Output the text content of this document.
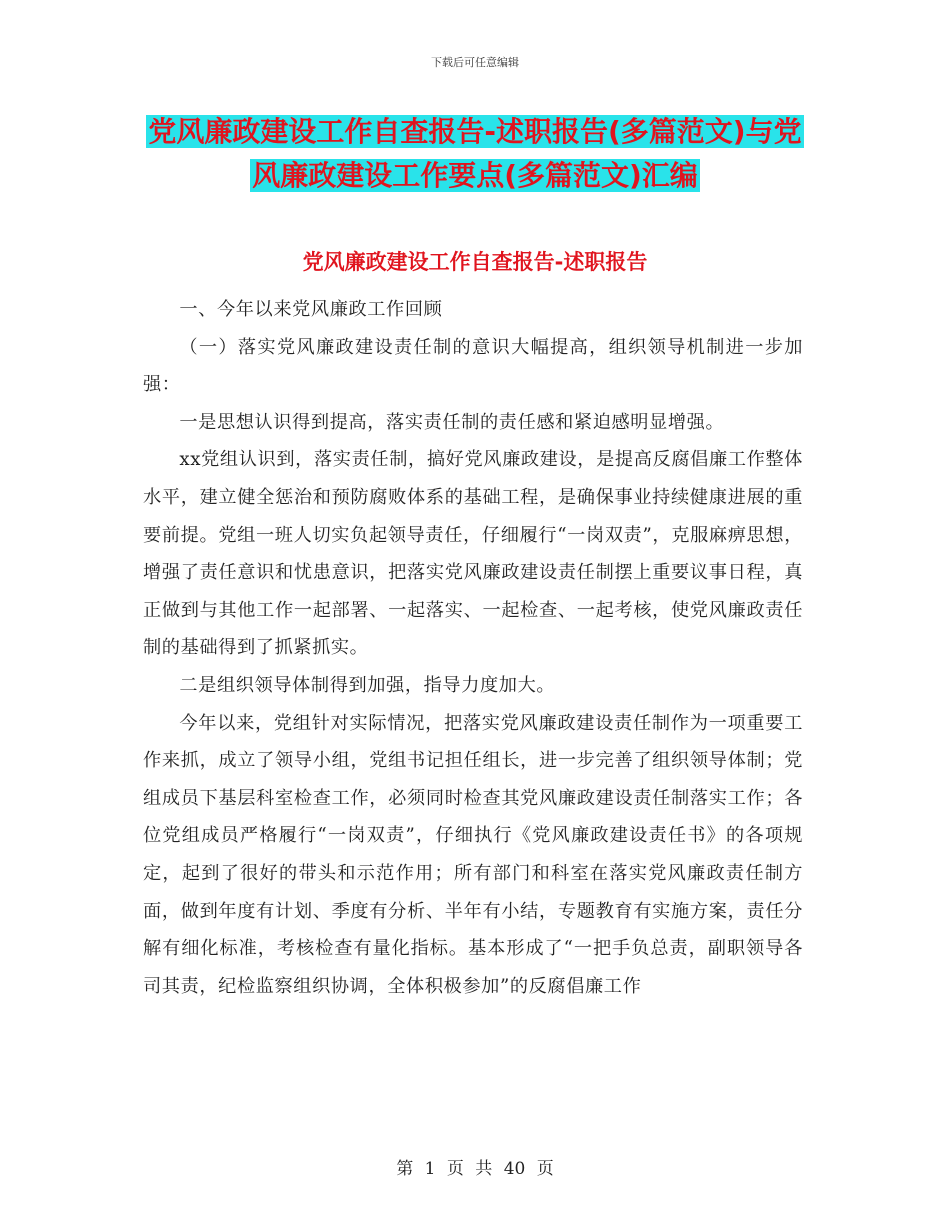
下载后可任意编辑
党风廉政建设工作自查报告-述职报告(多篇范文)与党
风廉政建设工作要点(多篇范文)汇编
党风廉政建设工作自查报告-述职报告

一、今年以来党风廉政工作回顾

（一）落实党风廉政建设责任制的意识大幅提高，组织领导机制进一步加强：

一是思想认识得到提高，落实责任制的责任感和紧迫感明显增强。

xx党组认识到，落实责任制，搞好党风廉政建设，是提高反腐倡廉工作整体水平，建立健全惩治和预防腐败体系的基础工程，是确保事业持续健康进展的重要前提。党组一班人切实负起领导责任，仔细履行“一岗双责”，克服麻痹思想，增强了责任意识和忧患意识，把落实党风廉政建设责任制摆上重要议事日程，真正做到与其他工作一起部署、一起落实、一起检查、一起考核，使党风廉政责任制的基础得到了抓紧抓实。

二是组织领导体制得到加强，指导力度加大。

今年以来，党组针对实际情况，把落实党风廉政建设责任制作为一项重要工作来抓，成立了领导小组，党组书记担任组长，进一步完善了组织领导体制；党组成员下基层科室检查工作，必须同时检查其党风廉政建设责任制落实工作；各位党组成员严格履行“一岗双责”，仔细执行《党风廉政建设责任书》的各项规定，起到了很好的带头和示范作用；所有部门和科室在落实党风廉政责任制方面，做到年度有计划、季度有分析、半年有小结，专题教育有实施方案，责任分解有细化标准，考核检查有量化指标。基本形成了“一把手负总责，副职领导各司其责，纪检监察组织协调，全体积极参加”的反腐倡廉工作

第 1 页 共 40 页
